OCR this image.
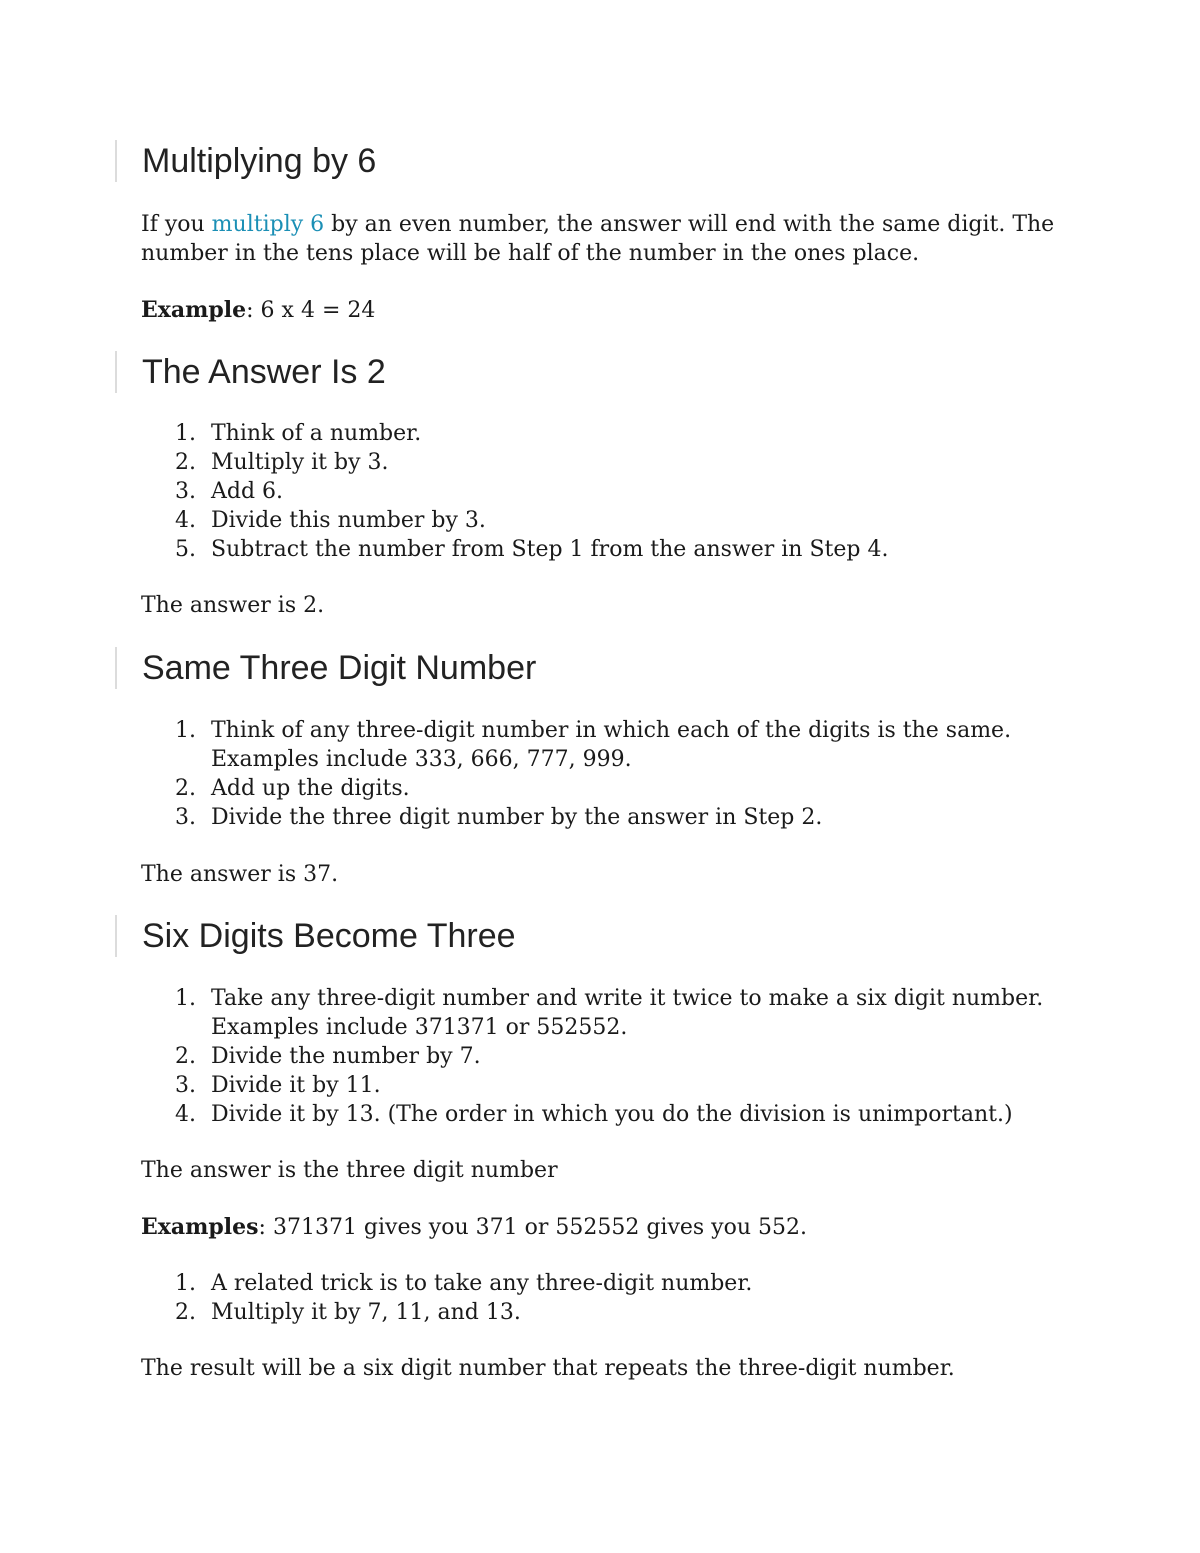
Multiplying by 6

If you multiply 6 by an even number, the answer will end with the same digit. The number in the tens place will be half of the number in the ones place.

Example: 6 x 4 = 24

The Answer Is 2
1. Think of a number.
2. Multiply it by 3.
3. Add 6.
4. Divide this number by 3.
5. Subtract the number from Step 1 from the answer in Step 4.

The answer is 2.

Same Three Digit Number
1. Think of any three-digit number in which each of the digits is the same. Examples include 333, 666, 777, 999.
2. Add up the digits.
3. Divide the three digit number by the answer in Step 2.

The answer is 37.

Six Digits Become Three
1. Take any three-digit number and write it twice to make a six digit number. Examples include 371371 or 552552.
2. Divide the number by 7.
3. Divide it by 11.
4. Divide it by 13. (The order in which you do the division is unimportant.)

The answer is the three digit number

Examples: 371371 gives you 371 or 552552 gives you 552.

1. A related trick is to take any three-digit number.
2. Multiply it by 7, 11, and 13.

The result will be a six digit number that repeats the three-digit number.
